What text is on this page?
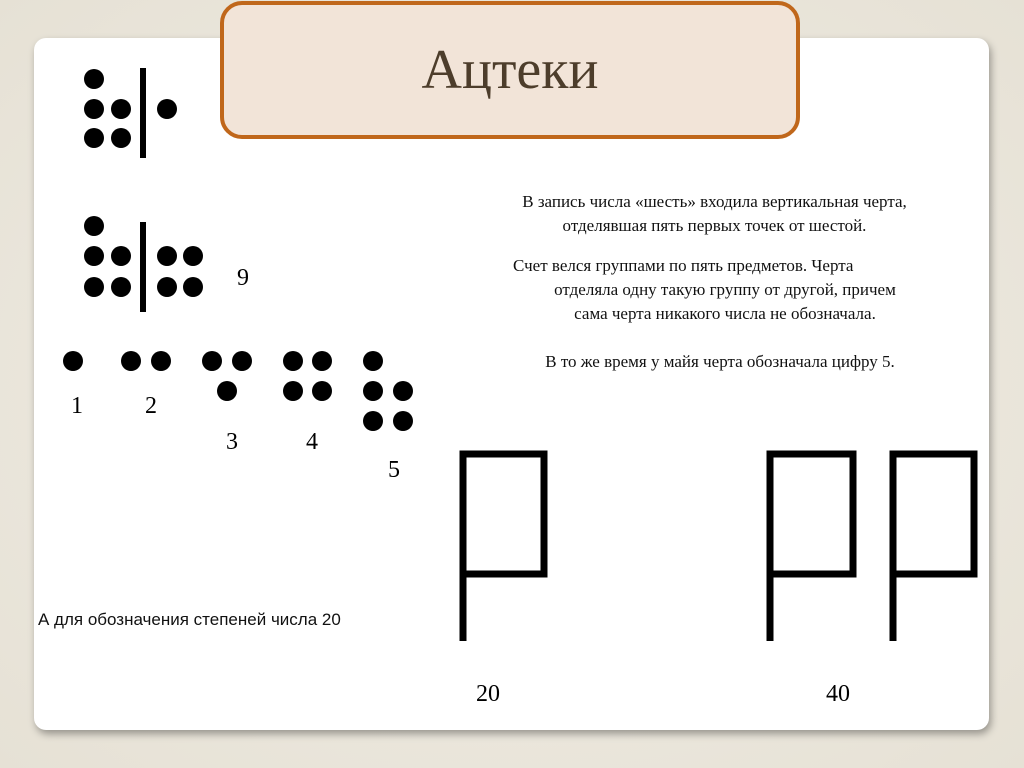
Ацтеки
9
1	2
3	4
5
В запись числа «шесть» входила вертикальная черта,
отделявшая пять первых точек от шестой.
Счет велся группами по пять предметов. Черта
отделяла одну такую группу от другой, причем
сама черта никакого числа не обозначала.
В то же время у майя черта обозначала цифру 5.
А для обозначения степеней числа 20
20	40
